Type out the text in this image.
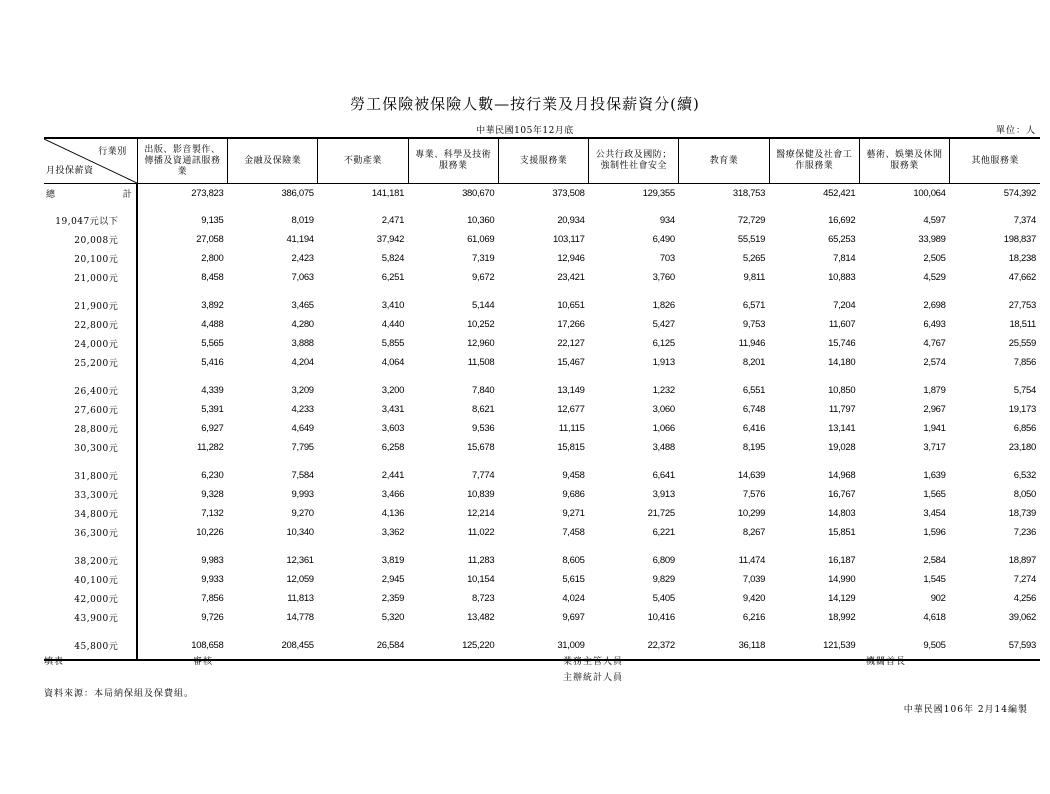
勞工保險被保險人數—按行業及月投保薪資分(續)
中華民國105年12月底	單位：人
行業別
月投保薪資	出版、影音製作、傳播及資通訊服務業	金融及保險業	不動產業	專業、科學及技術服務業	支援服務業	公共行政及國防；強制性社會安全	教育業	醫療保健及社會工作服務業	藝術、娛樂及休閒服務業	其他服務業
總 計	273,823	386,075	141,181	380,670	373,508	129,355	318,753	452,421	100,064	574,392
19,047元以下	9,135	8,019	2,471	10,360	20,934	934	72,729	16,692	4,597	7,374
20,008元	27,058	41,194	37,942	61,069	103,117	6,490	55,519	65,253	33,989	198,837
20,100元	2,800	2,423	5,824	7,319	12,946	703	5,265	7,814	2,505	18,238
21,000元	8,458	7,063	6,251	9,672	23,421	3,760	9,811	10,883	4,529	47,662
21,900元	3,892	3,465	3,410	5,144	10,651	1,826	6,571	7,204	2,698	27,753
22,800元	4,488	4,280	4,440	10,252	17,266	5,427	9,753	11,607	6,493	18,511
24,000元	5,565	3,888	5,855	12,960	22,127	6,125	11,946	15,746	4,767	25,559
25,200元	5,416	4,204	4,064	11,508	15,467	1,913	8,201	14,180	2,574	7,856
26,400元	4,339	3,209	3,200	7,840	13,149	1,232	6,551	10,850	1,879	5,754
27,600元	5,391	4,233	3,431	8,621	12,677	3,060	6,748	11,797	2,967	19,173
28,800元	6,927	4,649	3,603	9,536	11,115	1,066	6,416	13,141	1,941	6,856
30,300元	11,282	7,795	6,258	15,678	15,815	3,488	8,195	19,028	3,717	23,180
31,800元	6,230	7,584	2,441	7,774	9,458	6,641	14,639	14,968	1,639	6,532
33,300元	9,328	9,993	3,466	10,839	9,686	3,913	7,576	16,767	1,565	8,050
34,800元	7,132	9,270	4,136	12,214	9,271	21,725	10,299	14,803	3,454	18,739
36,300元	10,226	10,340	3,362	11,022	7,458	6,221	8,267	15,851	1,596	7,236
38,200元	9,983	12,361	3,819	11,283	8,605	6,809	11,474	16,187	2,584	18,897
40,100元	9,933	12,059	2,945	10,154	5,615	9,829	7,039	14,990	1,545	7,274
42,000元	7,856	11,813	2,359	8,723	4,024	5,405	9,420	14,129	902	4,256
43,900元	9,726	14,778	5,320	13,482	9,697	10,416	6,216	18,992	4,618	39,062
45,800元	108,658	208,455	26,584	125,220	31,009	22,372	36,118	121,539	9,505	57,593
填表	審核	業務主管人員
主辦統計人員
機關首長
資料來源：本局納保組及保費組。
中華民國106年 2月14編製
